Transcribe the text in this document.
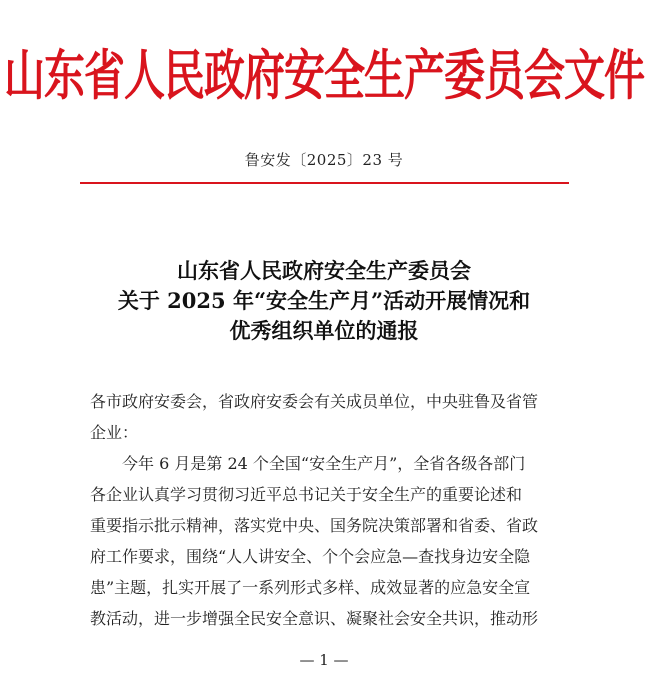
山东省人民政府安全生产委员会文件
鲁安发〔2025〕23 号
山东省人民政府安全生产委员会
关于 2025 年“安全生产月”活动开展情况和
优秀组织单位的通报
各市政府安委会，省政府安委会有关成员单位，中央驻鲁及省管
企业：
今年 6 月是第 24 个全国“安全生产月”，全省各级各部门
各企业认真学习贯彻习近平总书记关于安全生产的重要论述和
重要指示批示精神，落实党中央、国务院决策部署和省委、省政
府工作要求，围绕“人人讲安全、个个会应急—查找身边安全隐
患”主题，扎实开展了一系列形式多样、成效显著的应急安全宣
教活动，进一步增强全民安全意识、凝聚社会安全共识，推动形
— 1 —
